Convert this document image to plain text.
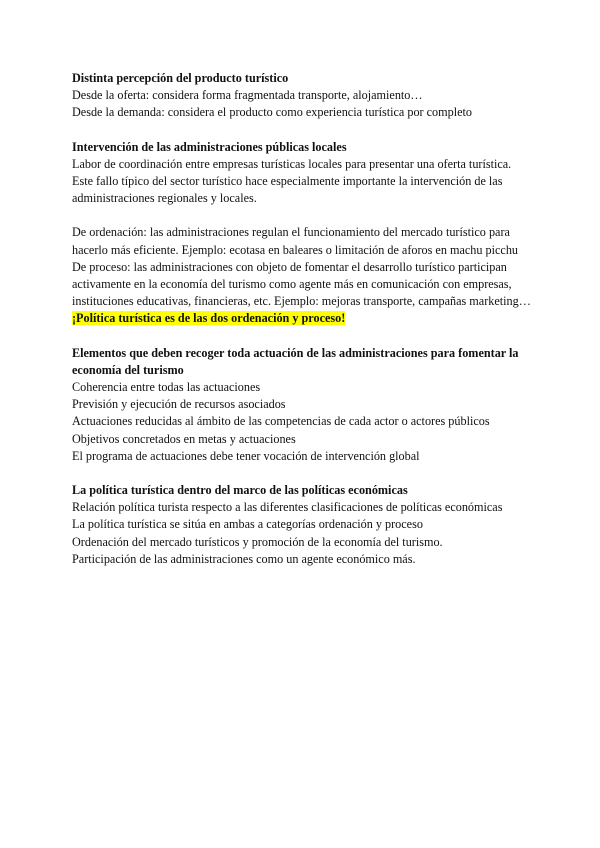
Distinta percepción del producto turístico

Desde la oferta: considera forma fragmentada transporte, alojamiento…

Desde la demanda: considera el producto como experiencia turística por completo

Intervención de las administraciones públicas locales

Labor de coordinación entre empresas turísticas locales para presentar una oferta turística. Este fallo típico del sector turístico hace especialmente importante la intervención de las administraciones regionales y locales.

De ordenación: las administraciones regulan el funcionamiento del mercado turístico para hacerlo más eficiente. Ejemplo: ecotasa en baleares o limitación de aforos en machu picchu

De proceso: las administraciones con objeto de fomentar el desarrollo turístico participan activamente en la economía del turismo como agente más en comunicación con empresas, instituciones educativas, financieras, etc. Ejemplo: mejoras transporte, campañas marketing…

¡Política turística es de las dos ordenación y proceso!

Elementos que deben recoger toda actuación de las administraciones para fomentar la economía del turismo

Coherencia entre todas las actuaciones

Previsión y ejecución de recursos asociados

Actuaciones reducidas al ámbito de las competencias de cada actor o actores públicos

Objetivos concretados en metas y actuaciones

El programa de actuaciones debe tener vocación de intervención global

La política turística dentro del marco de las políticas económicas

Relación política turista respecto a las diferentes clasificaciones de políticas económicas

La política turística se sitúa en ambas a categorías ordenación y proceso

Ordenación del mercado turísticos y promoción de la economía del turismo.

Participación de las administraciones como un agente económico más.
